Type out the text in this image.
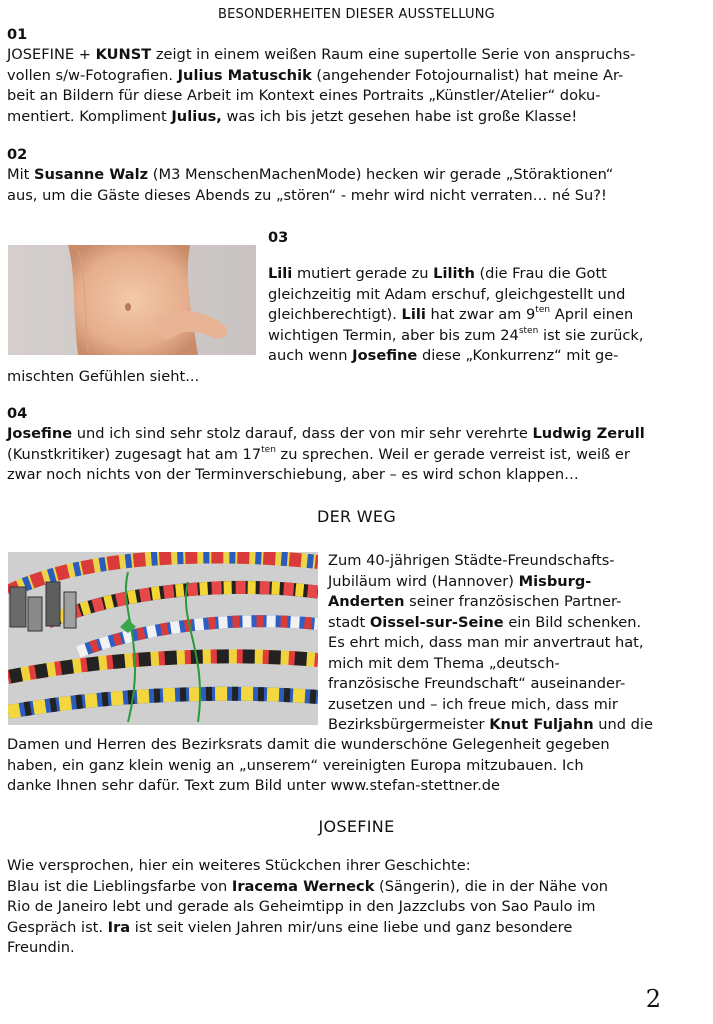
BESONDERHEITEN DIESER AUSSTELLUNG
01
JOSEFINE + KUNST zeigt in einem weißen Raum eine supertolle Serie von anspruchs-
vollen s/w-Fotografien. Julius Matuschik (angehender Fotojournalist) hat meine Ar-
beit an Bildern für diese Arbeit im Kontext eines Portraits „Künstler/Atelier“ doku-
mentiert. Kompliment Julius, was ich bis jetzt gesehen habe ist große Klasse!
02
Mit Susanne Walz (M3 MenschenMachenMode) hecken wir gerade „Störaktionen“
aus, um die Gäste dieses Abends zu „stören“ - mehr wird nicht verraten… né Su?!
03
Lili mutiert gerade zu Lilith (die Frau die Gott
gleichzeitig mit Adam erschuf, gleichgestellt und
gleichberechtigt). Lili hat zwar am $9^{ten}$ April einen
wichtigen Termin, aber bis zum $24^{sten}$ ist sie zurück,
auch wenn Josefine diese „Konkurrenz“ mit ge-
mischten Gefühlen sieht...
04
Josefine und ich sind sehr stolz darauf, dass der von mir sehr verehrte Ludwig Zerull
(Kunstkritiker) zugesagt hat am $17^{ten}$ zu sprechen. Weil er gerade verreist ist, weiß er
zwar noch nichts von der Terminverschiebung, aber – es wird schon klappen…
DER WEG
Zum 40-jährigen Städte-Freundschafts-
Jubiläum wird (Hannover) Misburg-
Anderten seiner französischen Partner-
stadt Oissel-sur-Seine ein Bild schenken.
Es ehrt mich, dass man mir anvertraut hat,
mich mit dem Thema „deutsch-
französische Freundschaft“ auseinander-
zusetzen und – ich freue mich, dass mir
Bezirksbürgermeister Knut Fuljahn und die
Damen und Herren des Bezirksrats damit die wunderschöne Gelegenheit gegeben
haben, ein ganz klein wenig an „unserem“ vereinigten Europa mitzubauen. Ich
danke Ihnen sehr dafür. Text zum Bild unter www.stefan-stettner.de
JOSEFINE
Wie versprochen, hier ein weiteres Stückchen ihrer Geschichte:
Blau ist die Lieblingsfarbe von Iracema Werneck (Sängerin), die in der Nähe von
Rio de Janeiro lebt und gerade als Geheimtipp in den Jazzclubs von Sao Paulo im
Gespräch ist. Ira ist seit vielen Jahren mir/uns eine liebe und ganz besondere
Freundin.
2
